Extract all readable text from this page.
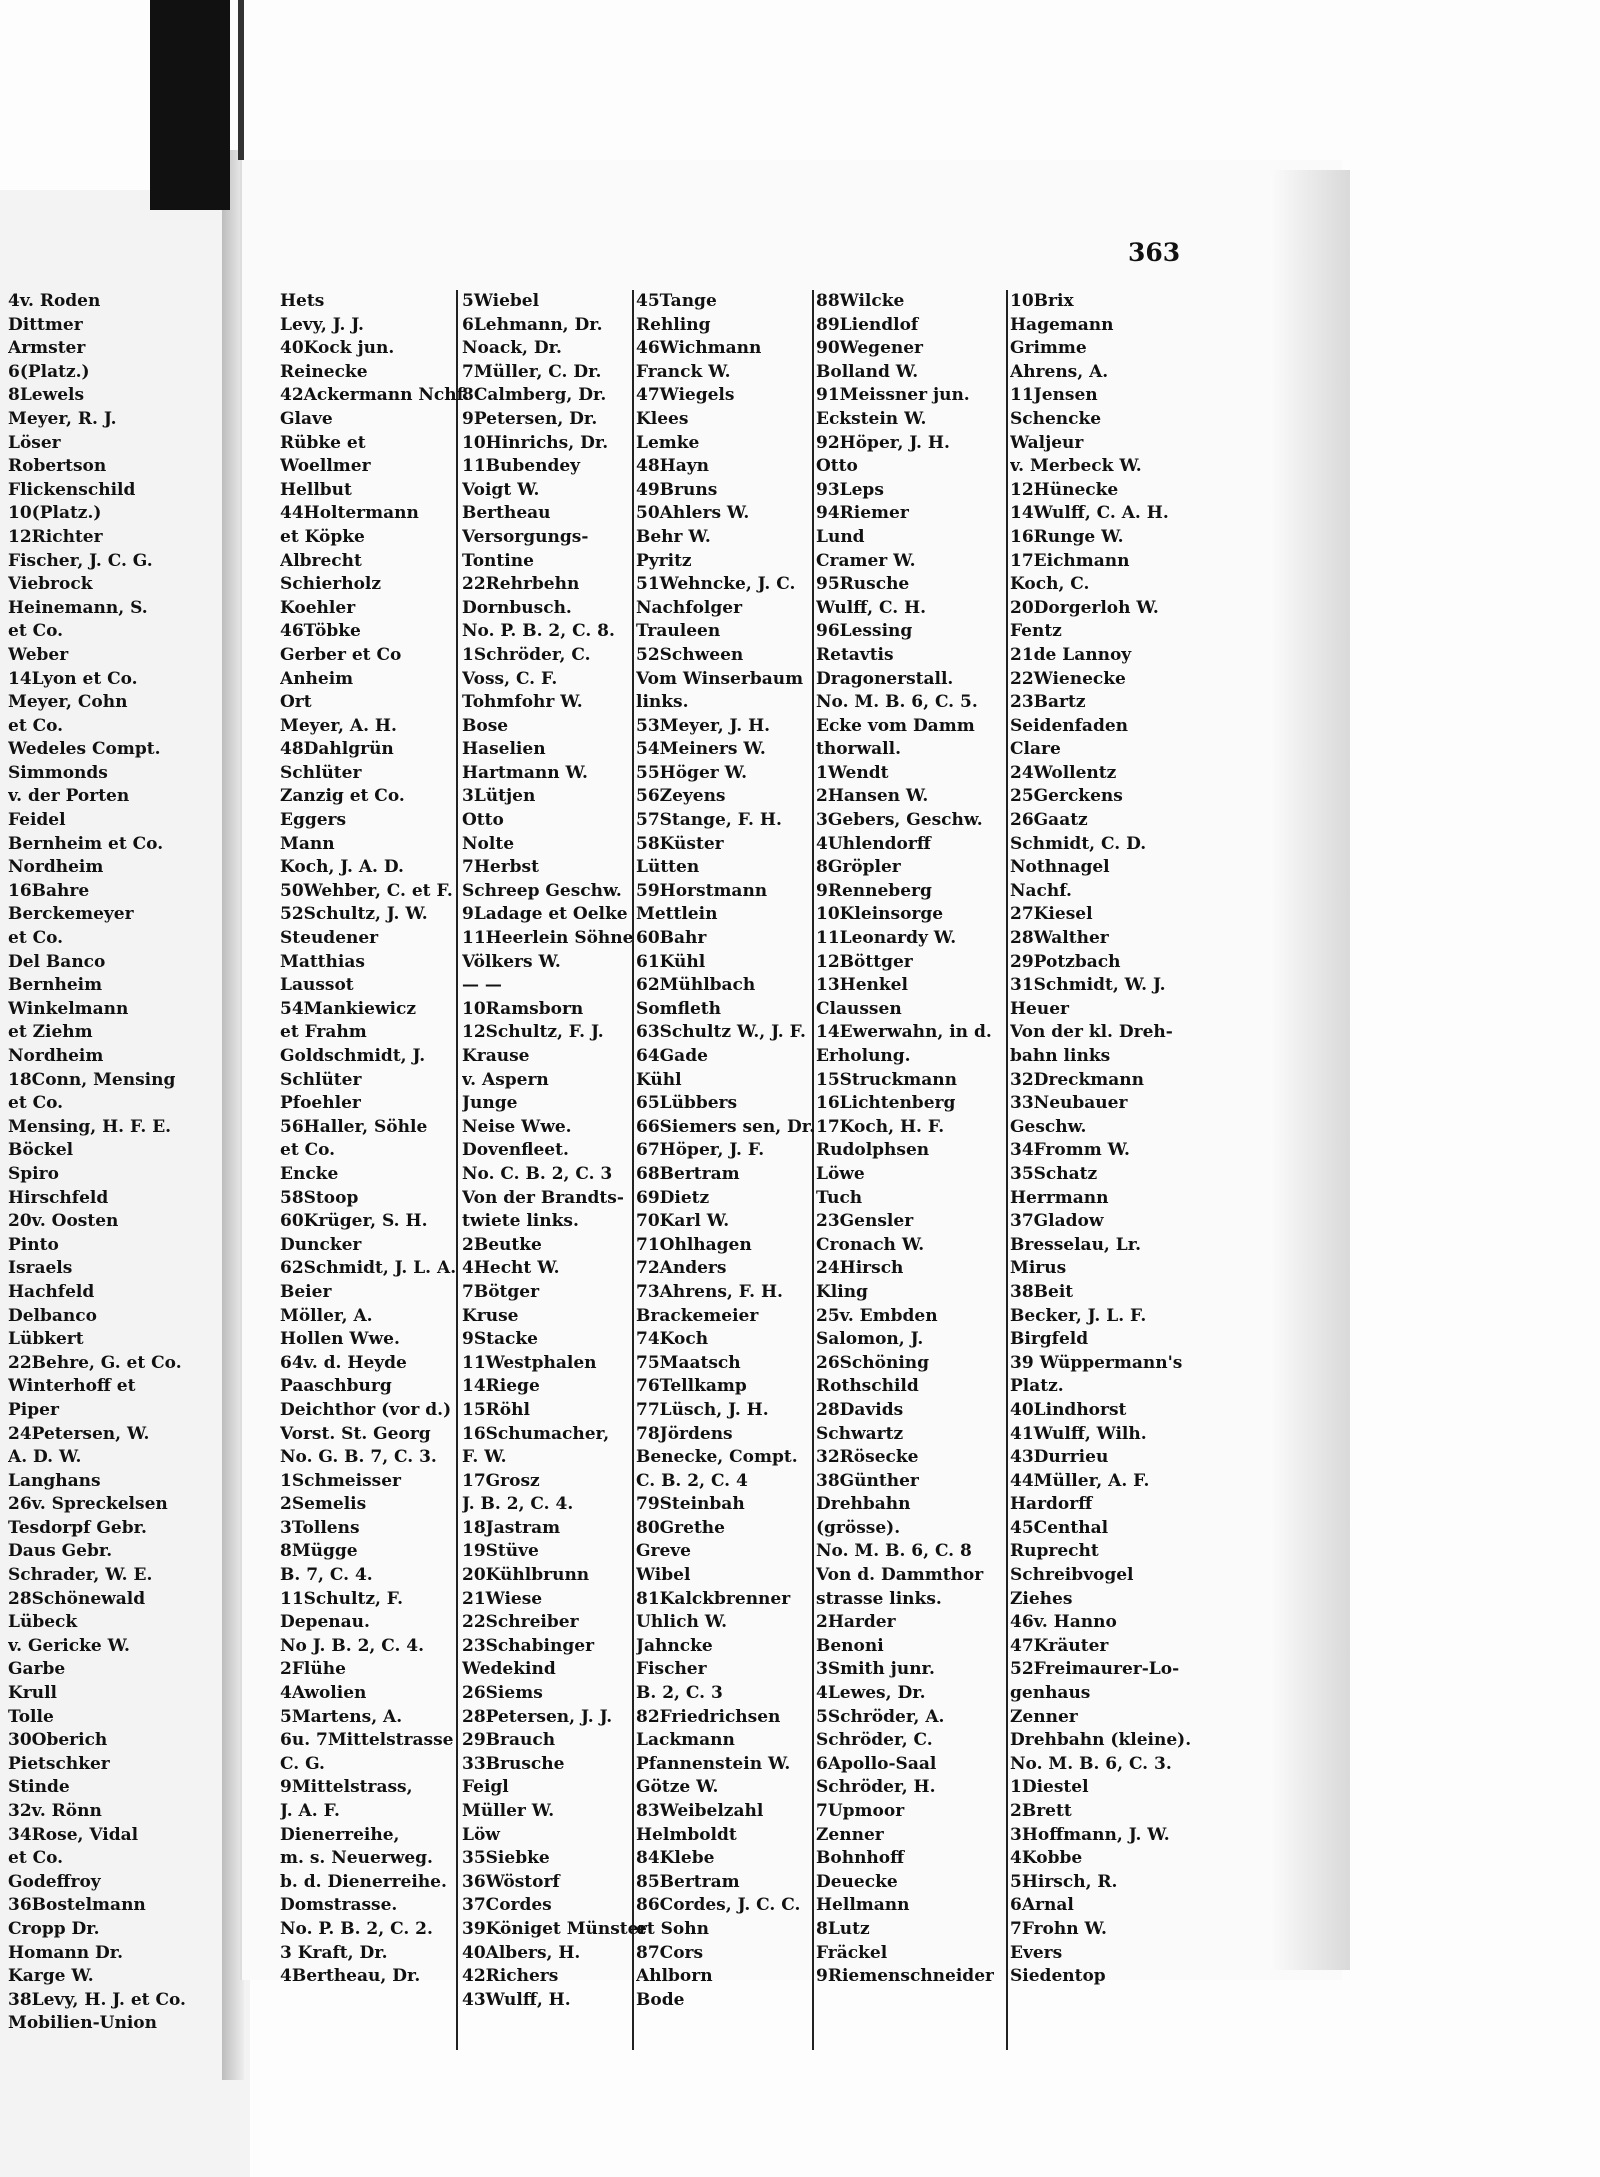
363
4v. Roden
Dittmer
Armster
6(Platz.)
8Lewels
Meyer, R. J.
Löser
Robertson
Flickenschild
10(Platz.)
12Richter
Fischer, J. C. G.
Viebrock
Heinemann, S.
et Co.
Weber
14Lyon et Co.
Meyer, Cohn
et Co.
Wedeles Compt.
Simmonds
v. der Porten
Feidel
Bernheim et Co.
Nordheim
16Bahre
Berckemeyer
et Co.
Del Banco
Bernheim
Winkelmann
et Ziehm
Nordheim
18Conn, Mensing
et Co.
Mensing, H. F. E.
Böckel
Spiro
Hirschfeld
20v. Oosten
Pinto
Israels
Hachfeld
Delbanco
Lübkert
22Behre, G. et Co.
Winterhoff et
Piper
24Petersen, W.
A. D. W.
Langhans
26v. Spreckelsen
Tesdorpf Gebr.
Daus Gebr.
Schrader, W. E.
28Schönewald
Lübeck
v. Gericke W.
Garbe
Krull
Tolle
30Oberich
Pietschker
Stinde
32v. Rönn
34Rose, Vidal
et Co.
Godeffroy
36Bostelmann
Cropp Dr.
Homann Dr.
Karge W.
38Levy, H. J. et Co.
Mobilien-Union
Hets
Levy, J. J.
40Kock jun.
Reinecke
42Ackermann Nchf.
Glave
Rübke et
Woellmer
Hellbut
44Holtermann
et Köpke
Albrecht
Schierholz
Koehler
46Töbke
Gerber et Co
Anheim
Ort
Meyer, A. H.
48Dahlgrün
Schlüter
Zanzig et Co.
Eggers
Mann
Koch, J. A. D.
50Wehber, C. et F.
52Schultz, J. W.
Steudener
Matthias
Laussot
54Mankiewicz
et Frahm
Goldschmidt, J.
Schlüter
Pfoehler
56Haller, Söhle
et Co.
Encke
58Stoop
60Krüger, S. H.
Duncker
62Schmidt, J. L. A.
Beier
Möller, A.
Hollen Wwe.
64v. d. Heyde
Paaschburg
Deichthor (vor d.)
Vorst. St. Georg
No. G. B. 7, C. 3.
1Schmeisser
2Semelis
3Tollens
8Mügge
B. 7, C. 4.
11Schultz, F.
Depenau.
No J. B. 2, C. 4.
2Flühe
4Awolien
5Martens, A.
6u. 7Mittelstrasse
C. G.
9Mittelstrass,
J. A. F.
Dienerreihe,
m. s. Neuerweg.
b. d. Dienerreihe.
Domstrasse.
No. P. B. 2, C. 2.
3 Kraft, Dr.
4Bertheau, Dr.
5Wiebel
6Lehmann, Dr.
Noack, Dr.
7Müller, C. Dr.
8Calmberg, Dr.
9Petersen, Dr.
10Hinrichs, Dr.
11Bubendey
Voigt W.
Bertheau
Versorgungs-
Tontine
22Rehrbehn
Dornbusch.
No. P. B. 2, C. 8.
1Schröder, C.
Voss, C. F.
Tohmfohr W.
Bose
Haselien
Hartmann W.
3Lütjen
Otto
Nolte
7Herbst
Schreep Geschw.
9Ladage et Oelke
11Heerlein Söhne
Völkers W.
— —
10Ramsborn
12Schultz, F. J.
Krause
v. Aspern
Junge
Neise Wwe.
Dovenfleet.
No. C. B. 2, C. 3
Von der Brandts-
twiete links.
2Beutke
4Hecht W.
7Bötger
Kruse
9Stacke
11Westphalen
14Riege
15Röhl
16Schumacher,
F. W.
17Grosz
J. B. 2, C. 4.
18Jastram
19Stüve
20Kühlbrunn
21Wiese
22Schreiber
23Schabinger
Wedekind
26Siems
28Petersen, J. J.
29Brauch
33Brusche
Feigl
Müller W.
Löw
35Siebke
36Wöstorf
37Cordes
39Königet Münster
40Albers, H.
42Richers
43Wulff, H.
45Tange
Rehling
46Wichmann
Franck W.
47Wiegels
Klees
Lemke
48Hayn
49Bruns
50Ahlers W.
Behr W.
Pyritz
51Wehncke, J. C.
Nachfolger
Trauleen
52Schween
Vom Winserbaum
links.
53Meyer, J. H.
54Meiners W.
55Höger W.
56Zeyens
57Stange, F. H.
58Küster
Lütten
59Horstmann
Mettlein
60Bahr
61Kühl
62Mühlbach
Somfleth
63Schultz W., J. F.
64Gade
Kühl
65Lübbers
66Siemers sen, Dr.
67Höper, J. F.
68Bertram
69Dietz
70Karl W.
71Ohlhagen
72Anders
73Ahrens, F. H.
Brackemeier
74Koch
75Maatsch
76Tellkamp
77Lüsch, J. H.
78Jördens
Benecke, Compt.
C. B. 2, C. 4
79Steinbah
80Grethe
Greve
Wibel
81Kalckbrenner
Uhlich W.
Jahncke
Fischer
B. 2, C. 3
82Friedrichsen
Lackmann
Pfannenstein W.
Götze W.
83Weibelzahl
Helmboldt
84Klebe
85Bertram
86Cordes, J. C. C.
et Sohn
87Cors
Ahlborn
Bode
88Wilcke
89Liendlof
90Wegener
Bolland W.
91Meissner jun.
Eckstein W.
92Höper, J. H.
Otto
93Leps
94Riemer
Lund
Cramer W.
95Rusche
Wulff, C. H.
96Lessing
Retavtis
Dragonerstall.
No. M. B. 6, C. 5.
Ecke vom Damm
thorwall.
1Wendt
2Hansen W.
3Gebers, Geschw.
4Uhlendorff
8Gröpler
9Renneberg
10Kleinsorge
11Leonardy W.
12Böttger
13Henkel
Claussen
14Ewerwahn, in d.
Erholung.
15Struckmann
16Lichtenberg
17Koch, H. F.
Rudolphsen
Löwe
Tuch
23Gensler
Cronach W.
24Hirsch
Kling
25v. Embden
Salomon, J.
26Schöning
Rothschild
28Davids
Schwartz
32Rösecke
38Günther
Drehbahn
(grösse).
No. M. B. 6, C. 8
Von d. Dammthor
strasse links.
2Harder
Benoni
3Smith junr.
4Lewes, Dr.
5Schröder, A.
Schröder, C.
6Apollo-Saal
Schröder, H.
7Upmoor
Zenner
Bohnhoff
Deuecke
Hellmann
8Lutz
Fräckel
9Riemenschneider
10Brix
Hagemann
Grimme
Ahrens, A.
11Jensen
Schencke
Waljeur
v. Merbeck W.
12Hünecke
14Wulff, C. A. H.
16Runge W.
17Eichmann
Koch, C.
20Dorgerloh W.
Fentz
21de Lannoy
22Wienecke
23Bartz
Seidenfaden
Clare
24Wollentz
25Gerckens
26Gaatz
Schmidt, C. D.
Nothnagel
Nachf.
27Kiesel
28Walther
29Potzbach
31Schmidt, W. J.
Heuer
Von der kl. Dreh-
bahn links
32Dreckmann
33Neubauer
Geschw.
34Fromm W.
35Schatz
Herrmann
37Gladow
Bresselau, Lr.
Mirus
38Beit
Becker, J. L. F.
Birgfeld
39 Wüppermann's
Platz.
40Lindhorst
41Wulff, Wilh.
43Durrieu
44Müller, A. F.
Hardorff
45Centhal
Ruprecht
Schreibvogel
Ziehes
46v. Hanno
47Kräuter
52Freimaurer-Lo-
genhaus
Zenner
Drehbahn (kleine).
No. M. B. 6, C. 3.
1Diestel
2Brett
3Hoffmann, J. W.
4Kobbe
5Hirsch, R.
6Arnal
7Frohn W.
Evers
Siedentop
